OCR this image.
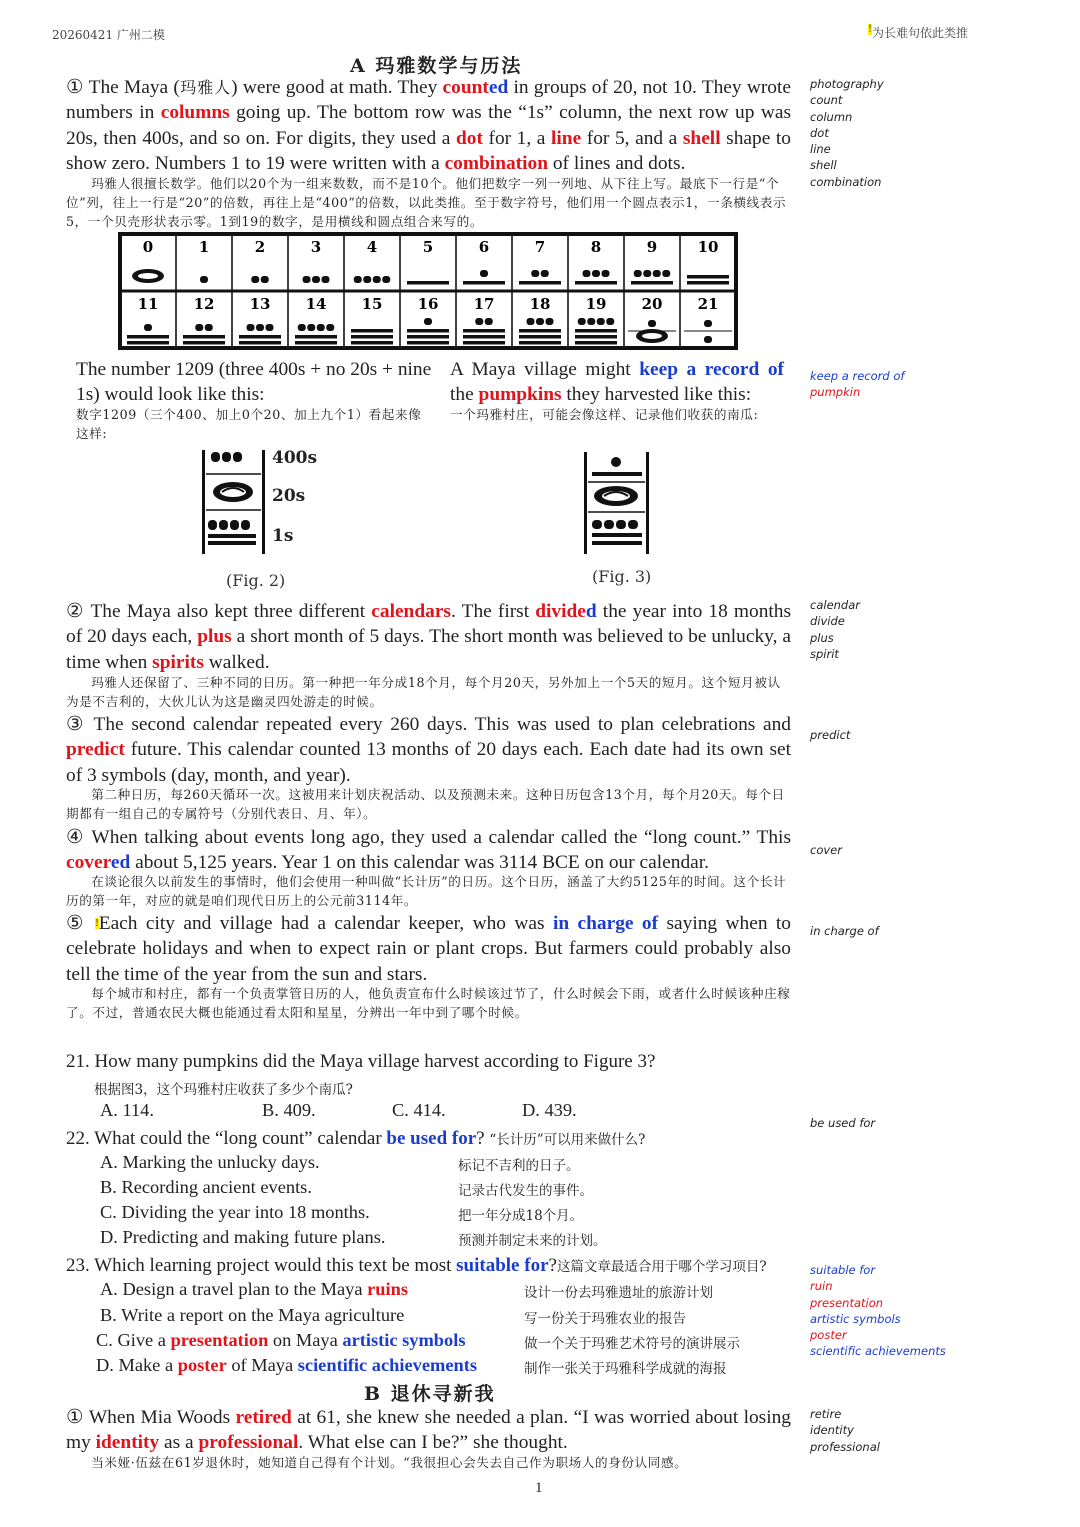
20260421 广州二模	!为长难句依此类推
A 玛雅数学与历法

① The Maya (玛雅人) were good at math. They counted in groups of 20, not 10. They wrote numbers in columns going up. The bottom row was the “1s” column, the next row up was 20s, then 400s, and so on. For digits, they used a dot for 1, a line for 5, and a shell shape to show zero. Numbers 1 to 19 were written with a combination of lines and dots.

玛雅人很擅长数学。他们以20个为一组来数数，而不是10个。他们把数字一列一列地、从下往上写。最底下一行是“个位”列，往上一行是“20”的倍数，再往上是“400”的倍数，以此类推。至于数字符号，他们用一个圆点表示1，一条横线表示5，一个贝壳形状表示零。1到19的数字，是用横线和圆点组合来写的。
0	1	2	3	4	5	6	7	8	9	10
11 12 13 14 15 16 17 18 19 20 21
The number 1209 (three 400s + no 20s + nine 1s) would look like this:
数字1209（三个400、加上0个20、加上九个1）看起来像这样:
400s
20s
1s
(Fig. 2)

A Maya village might keep a record of the pumpkins they harvested like this:

一个玛雅村庄，可能会像这样、记录他们收获的南瓜:
(Fig. 3)

② The Maya also kept three different calendars. The first divided the year into 18 months of 20 days each, plus a short month of 5 days. The short month was believed to be unlucky, a time when spirits walked.

玛雅人还保留了、三种不同的日历。第一种把一年分成18个月，每个月20天，另外加上一个5天的短月。这个短月被认为是不吉利的，大伙儿认为这是幽灵四处游走的时候。

③ The second calendar repeated every 260 days. This was used to plan celebrations and predict future. This calendar counted 13 months of 20 days each. Each date had its own set of 3 symbols (day, month, and year).

第二种日历，每260天循环一次。这被用来计划庆祝活动、以及预测未来。这种日历包含13个月，每个月20天。每个日期都有一组自己的专属符号（分别代表日、月、年）。

④ When talking about events long ago, they used a calendar called the “long count.” This covered about 5,125 years. Year 1 on this calendar was 3114 BCE on our calendar.

在谈论很久以前发生的事情时，他们会使用一种叫做“长计历”的日历。这个日历，涵盖了大约5125年的时间。这个长计历的第一年，对应的就是咱们现代日历上的公元前3114年。

⑤ !Each city and village had a calendar keeper, who was in charge of saying when to celebrate holidays and when to expect rain or plant crops. But farmers could probably also tell the time of the year from the sun and stars.

每个城市和村庄，都有一个负责掌管日历的人，他负责宣布什么时候该过节了，什么时候会下雨，或者什么时候该种庄稼了。不过，普通农民大概也能通过看太阳和星星，分辨出一年中到了哪个时候。
21. How many pumpkins did the Maya village harvest according to Figure 3?
根据图3，这个玛雅村庄收获了多少个南瓜?
A. 114.	B. 409.	C. 414.	D. 439.
22. What could the “long count” calendar be used for? “长计历”可以用来做什么?
A. Marking the unlucky days.	标记不吉利的日子。
B. Recording ancient events.	记录古代发生的事件。
C. Dividing the year into 18 months.	把一年分成18个月。
D. Predicting and making future plans.	预测并制定未来的计划。
23. Which learning project would this text be most suitable for?这篇文章最适合用于哪个学习项目?
A. Design a travel plan to the Maya ruins	设计一份去玛雅遗址的旅游计划
B. Write a report on the Maya agriculture	写一份关于玛雅农业的报告
C. Give a presentation on Maya artistic symbols	做一个关于玛雅艺术符号的演讲展示
D. Make a poster of Maya scientific achievements	制作一张关于玛雅科学成就的海报
B 退休寻新我

① When Mia Woods retired at 61, she knew she needed a plan. “I was worried about losing my identity as a professional. What else can I be?” she thought.

当米娅·伍兹在61岁退休时，她知道自己得有个计划。“我很担心会失去自己作为职场人的身份认同感。
1
photography
count
column
dot
line
shell
combination
keep a record of
pumpkin
calendar
divide
plus
spirit
predict
cover
in charge of
be used for
suitable for
ruin
presentation
artistic symbols
poster
scientific achievements
retire
identity
professional
